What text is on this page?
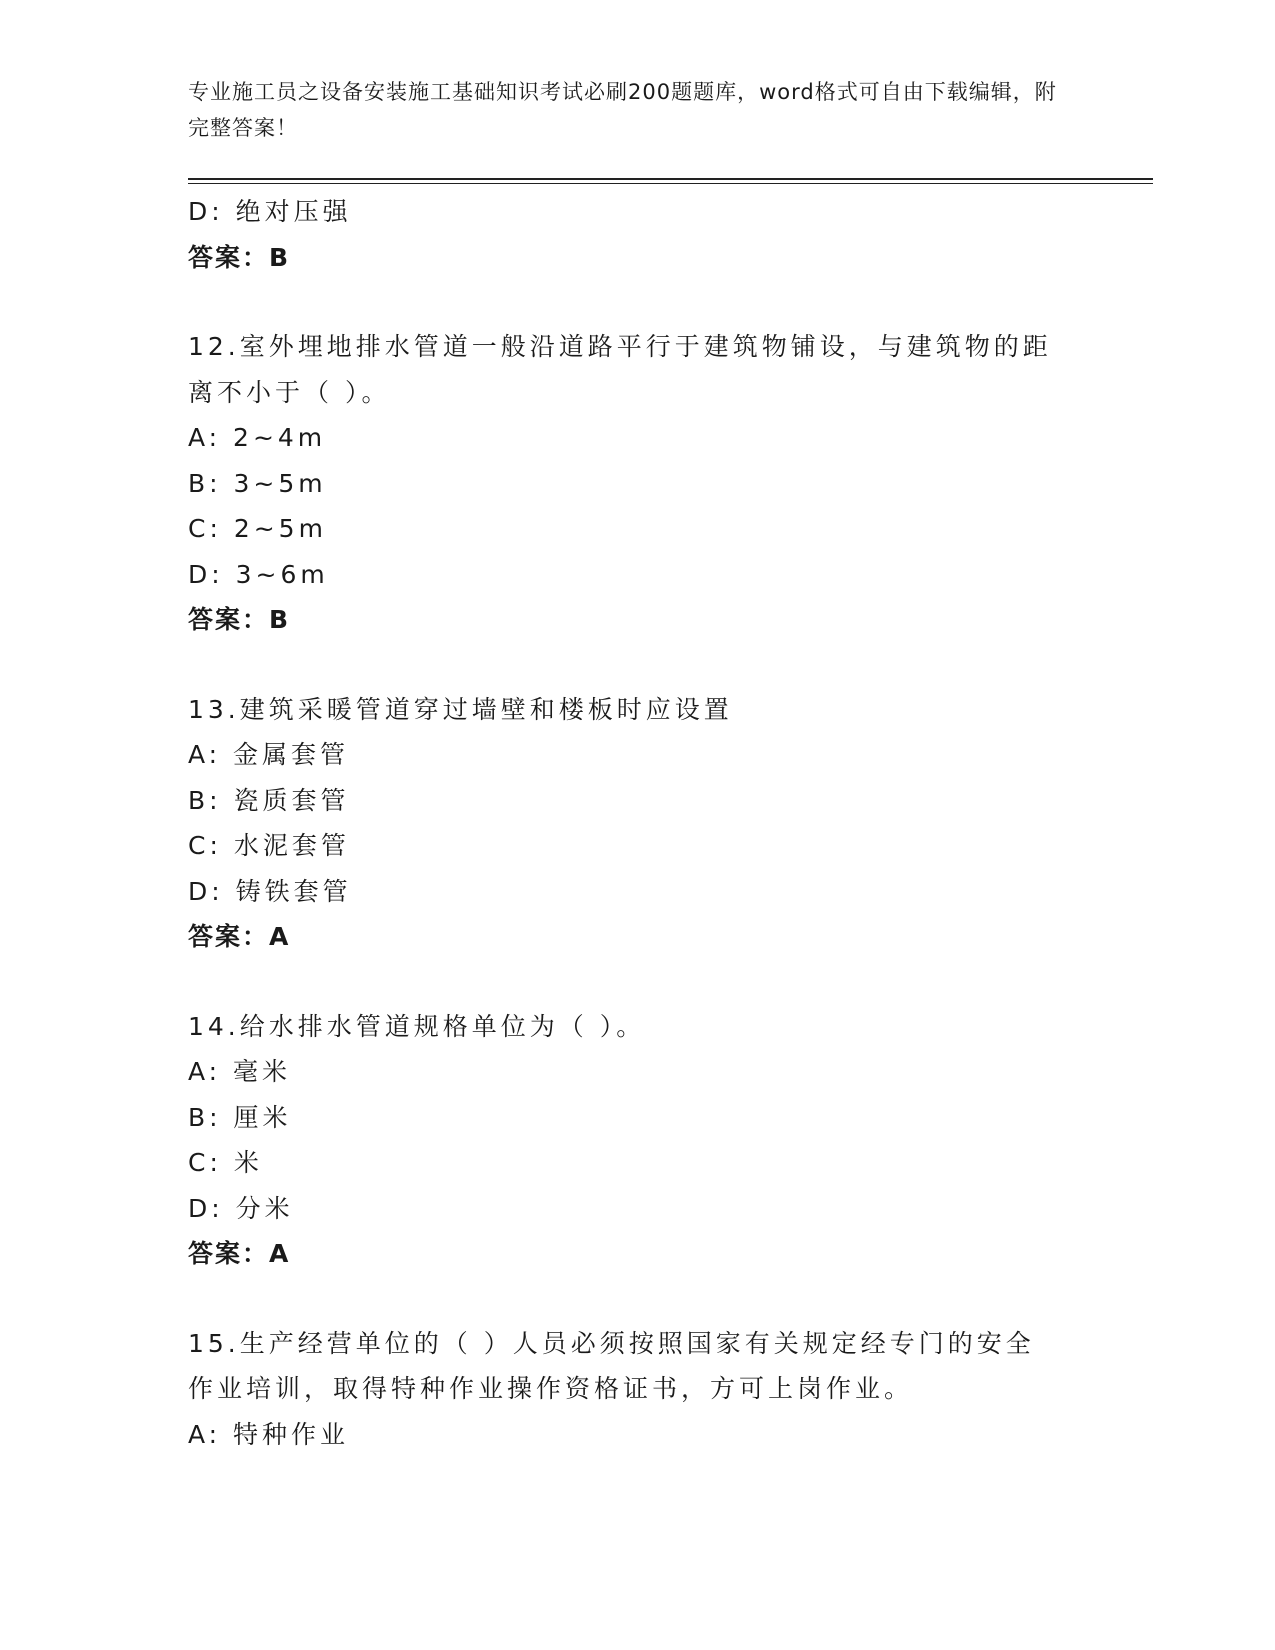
专业施工员之设备安装施工基础知识考试必刷200题题库，word格式可自由下载编辑，附完整答案！
D: 绝对压强
答案：B
12.室外埋地排水管道一般沿道路平行于建筑物铺设，与建筑物的距离不小于（ ）。
A: 2~4m
B: 3~5m
C: 2~5m
D: 3~6m
答案：B
13.建筑采暖管道穿过墙壁和楼板时应设置
A: 金属套管
B: 瓷质套管
C: 水泥套管
D: 铸铁套管
答案：A
14.给水排水管道规格单位为（ ）。
A: 毫米
B: 厘米
C: 米
D: 分米
答案：A
15.生产经营单位的（ ）人员必须按照国家有关规定经专门的安全作业培训，取得特种作业操作资格证书，方可上岗作业。
A: 特种作业
